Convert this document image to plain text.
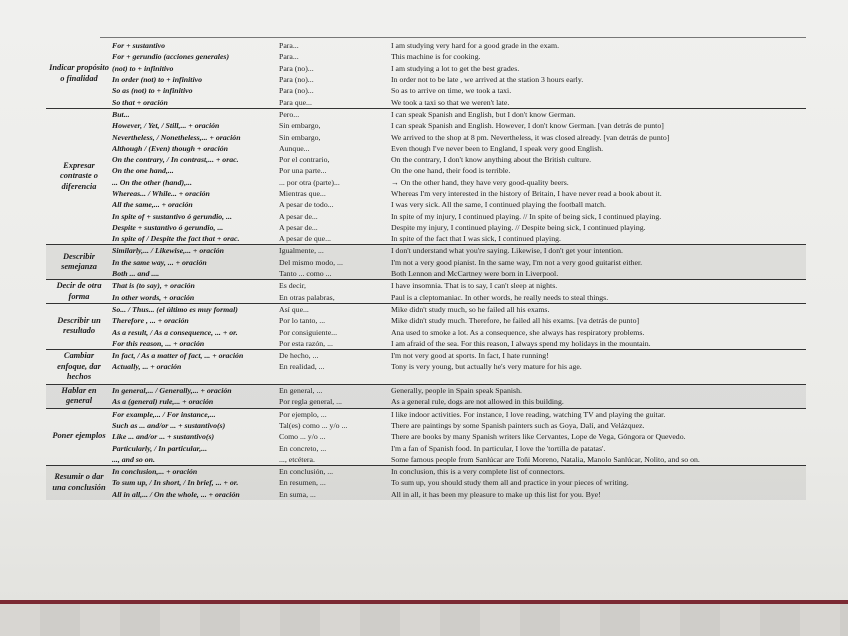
Indicar propósito o finalidad
For + sustantivo	Para...	I am studying very hard for a good grade in the exam.
For + gerundio (acciones generales)	Para...	This machine is for cooking.
(not) to + infinitivo	Para (no)...	I am studying a lot to get the best grades.
In order (not) to + infinitivo	Para (no)...	In order not to be late , we arrived at the station 3 hours early.
So as (not) to + infinitivo	Para (no)...	So as to arrive on time, we took a taxi.
So that + oración	Para que...	We took a taxi so that we weren't late.
Expresar contraste o diferencia
But...	Pero...	I can speak Spanish and English, but I don't know German.
However, / Yet, / Still,... + oración	Sin embargo,	I can speak Spanish and English. However, I don't know German. [van detrás de punto]
Nevertheless, / Nonetheless,... + oración	Sin embargo,	We arrived to the shop at 8 pm. Nevertheless, it was closed already. [van detrás de punto]
Although / (Even) though + oración	Aunque...	Even though I've never been to England, I speak very good English.
On the contrary, / In contrast,... + orac.	Por el contrario,	On the contrary, I don't know anything about the British culture.
On the one hand,...	Por una parte...	On the one hand, their food is terrible.
... On the other (hand),...	... por otra (parte)...	→ On the other hand, they have very good-quality beers.
Whereas... / While... + oración	Mientras que...	Whereas I'm very interested in the history of Britain, I have never read a book about it.
All the same,... + oración	A pesar de todo...	I was very sick. All the same, I continued playing the football match.
In spite of + sustantivo ó gerundio, ...	A pesar de...	In spite of my injury, I continued playing. // In spite of being sick, I continued playing.
Despite + sustantivo ó gerundio, ...	A pesar de...	Despite my injury, I continued playing. // Despite being sick, I continued playing.
In spite of / Despite the fact that + orac.	A pesar de que...	In spite of the fact that I was sick, I continued playing.
Describir semejanza
Similarly,... / Likewise,... + oración	Igualmente, ...	I don't understand what you're saying. Likewise, I don't get your intention.
In the same way, ... + oración	Del mismo modo, ...	I'm not a very good pianist. In the same way, I'm not a very good guitarist either.
Both ... and ....	Tanto ... como ...	Both Lennon and McCartney were born in Liverpool.
Decir de otra forma
That is (to say), + oración	Es decir,	I have insomnia. That is to say, I can't sleep at nights.
In other words, + oración	En otras palabras,	Paul is a cleptomaniac. In other words, he really needs to steal things.
Describir un resultado
So... / Thus... (el último es muy formal)	Así que...	Mike didn't study much, so he failed all his exams.
Therefore , ... + oración	Por lo tanto, ...	Mike didn't study much. Therefore, he failed all his exams. [va detrás de punto]
As a result, / As a consequence, ... + or.	Por consiguiente...	Ana used to smoke a lot. As a consequence, she always has respiratory problems.
For this reason, ... + oración	Por esta razón, ...	I am afraid of the sea. For this reason, I always spend my holidays in the mountain.
Cambiar enfoque, dar hechos
In fact, / As a matter of fact, ... + oración	De hecho, ...	I'm not very good at sports. In fact, I hate running!
Actually, ... + oración	En realidad, ...	Tony is very young, but actually he's very mature for his age.
Hablar en general
In general,... / Generally,... + oración	En general, ...	Generally, people in Spain speak Spanish.
As a (general) rule,... + oración	Por regla general, ...	As a general rule, dogs are not allowed in this building.
Poner ejemplos
For example,... / For instance,...	Por ejemplo, ...	I like indoor activities. For instance, I love reading, watching TV and playing the guitar.
Such as ... and/or ... + sustantivo(s)	Tal(es) como ... y/o ...	There are paintings by some Spanish painters such as Goya, Dalí, and Velázquez.
Like ... and/or ... + sustantivo(s)	Como ... y/o ...	There are books by many Spanish writers like Cervantes, Lope de Vega, Góngora or Quevedo.
Particularly, / In particular,...	En concreto, ...	I'm a fan of Spanish food. In particular, I love the 'tortilla de patatas'.
..., and so on.	..., etcétera.	Some famous people from Sanlúcar are Toñi Moreno, Natalia, Manolo Sanlúcar, Nolito, and so on.
Resumir o dar una conclusión
In conclusion,... + oración	En conclusión, ...	In conclusion, this is a very complete list of connectors.
To sum up, / In short, / In brief, ... + or.	En resumen, ...	To sum up, you should study them all and practice in your pieces of writing.
All in all,... / On the whole, ... + oración	En suma, ...	All in all, it has been my pleasure to make up this list for you. Bye!
